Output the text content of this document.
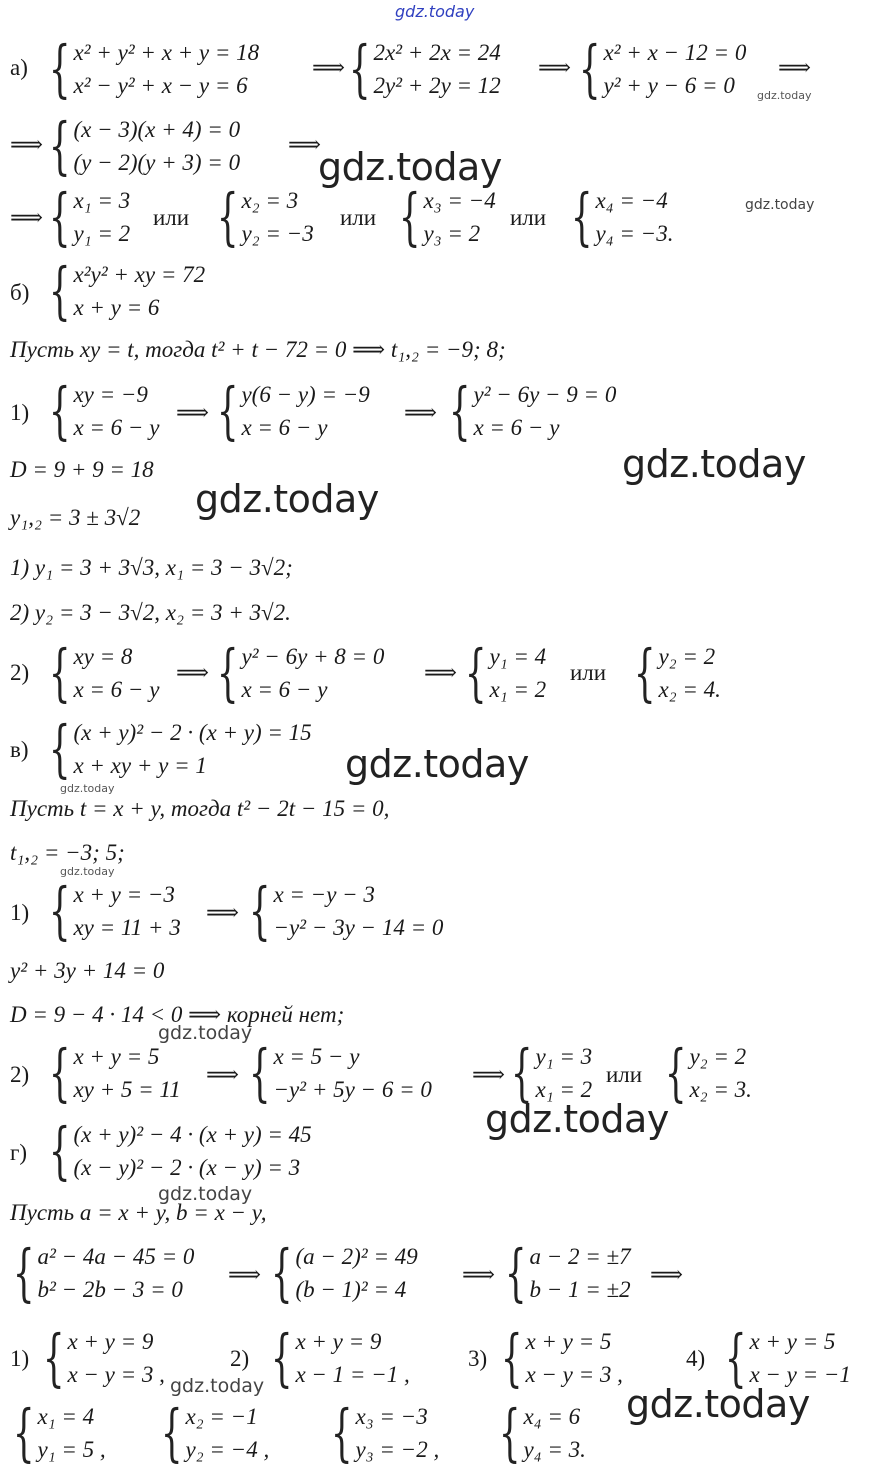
gdz.today
gdz.today
gdz.today
gdz.today
gdz.today
gdz.today
gdz.today
gdz.today
gdz.today
gdz.today
gdz.today
gdz.today
gdz.today	gdz.today
а) { x² + y² + x + y = 18
x² − y² + x − y = 6
⟹ { 2x² + 2x = 24
2y² + 2y = 12
⟹ { x² + x − 12 = 0
y² + y − 6 = 0
⟹
⟹ { (x − 3)(x + 4) = 0
(y − 2)(y + 3) = 0
⟹
⟹ { x₁ = 3
y₁ = 2
или { x₂ = 3
y₂ = −3
или { x₃ = −4
y₃ = 2
или { x₄ = −4
y₄ = −3.
б) { x²y² + xy = 72
x + y = 6
Пусть xy = t, тогда t² + t − 72 = 0 ⟹ t₁,₂ = −9; 8;
1) { xy = −9
x = 6 − y
⟹ { y(6 − y) = −9
x = 6 − y
⟹ { y² − 6y − 9 = 0
x = 6 − y
D = 9 + 9 = 18
y₁,₂ = 3 ± 3√2
1) y₁ = 3 + 3√3, x₁ = 3 − 3√2;
2) y₂ = 3 − 3√2, x₂ = 3 + 3√2.
2) { xy = 8
x = 6 − y
⟹ { y² − 6y + 8 = 0
x = 6 − y
⟹ { y₁ = 4
x₁ = 2
или { y₂ = 2
x₂ = 4.
в) { (x + y)² − 2 · (x + y) = 15
x + xy + y = 1
Пусть t = x + y, тогда t² − 2t − 15 = 0,
t₁,₂ = −3; 5;
1) { x + y = −3
xy = 11 + 3
⟹ { x = −y − 3
−y² − 3y − 14 = 0
y² + 3y + 14 = 0
D = 9 − 4 · 14 < 0 ⟹ корней нет;
2) { x + y = 5
xy + 5 = 11
⟹ { x = 5 − y
−y² + 5y − 6 = 0
⟹ { y₁ = 3
x₁ = 2
или { y₂ = 2
x₂ = 3.
г) { (x + y)² − 4 · (x + y) = 45
(x − y)² − 2 · (x − y) = 3
Пусть a = x + y, b = x − y,
{ a² − 4a − 45 = 0
b² − 2b − 3 = 0
⟹ { (a − 2)² = 49
(b − 1)² = 4
⟹ { a − 2 = ±7
b − 1 = ±2
⟹
1) { x + y = 9
x − y = 3 ,
2) { x + y = 9
x − 1 = −1 ,
3) { x + y = 5
x − y = 3 ,
4) { x + y = 5
x − y = −1
{ x₁ = 4
y₁ = 5 , { x₂ = −1
y₂ = −4 , { x₃ = −3
y₃ = −2 , { x₄ = 6
y₄ = 3.
